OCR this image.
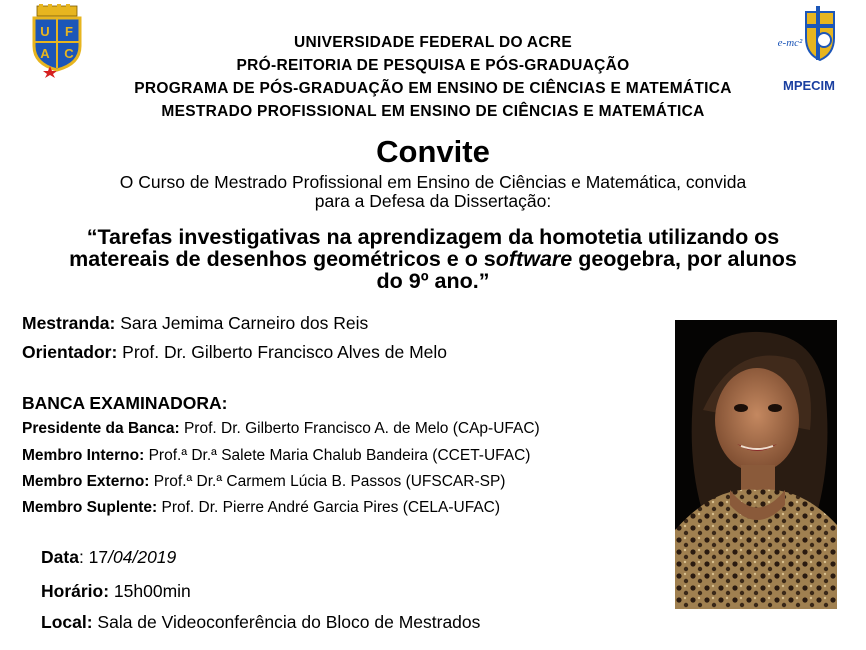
U F
A C
e-mc²
MPECIM
UNIVERSIDADE FEDERAL DO ACRE
PRÓ-REITORIA DE PESQUISA E PÓS-GRADUAÇÃO
PROGRAMA DE PÓS-GRADUAÇÃO EM ENSINO DE CIÊNCIAS E MATEMÁTICA
MESTRADO PROFISSIONAL EM ENSINO DE CIÊNCIAS E MATEMÁTICA
Convite
O Curso de Mestrado Profissional em Ensino de Ciências e Matemática, convida
para a Defesa da Dissertação:
“Tarefas investigativas na aprendizagem da homotetia utilizando os
matereais de desenhos geométricos e o software geogebra, por alunos
do 9º ano.”
Mestranda: Sara Jemima Carneiro dos Reis
Orientador: Prof. Dr. Gilberto Francisco Alves de Melo
BANCA EXAMINADORA:
Presidente da Banca: Prof. Dr. Gilberto Francisco A. de Melo (CAp-UFAC)
Membro Interno: Prof.ª Dr.ª Salete Maria Chalub Bandeira (CCET-UFAC)
Membro Externo: Prof.ª Dr.ª Carmem Lúcia B. Passos (UFSCAR-SP)
Membro Suplente: Prof. Dr. Pierre André Garcia Pires (CELA-UFAC)
Data: 17/04/2019
Horário: 15h00min
Local: Sala de Videoconferência do Bloco de Mestrados
